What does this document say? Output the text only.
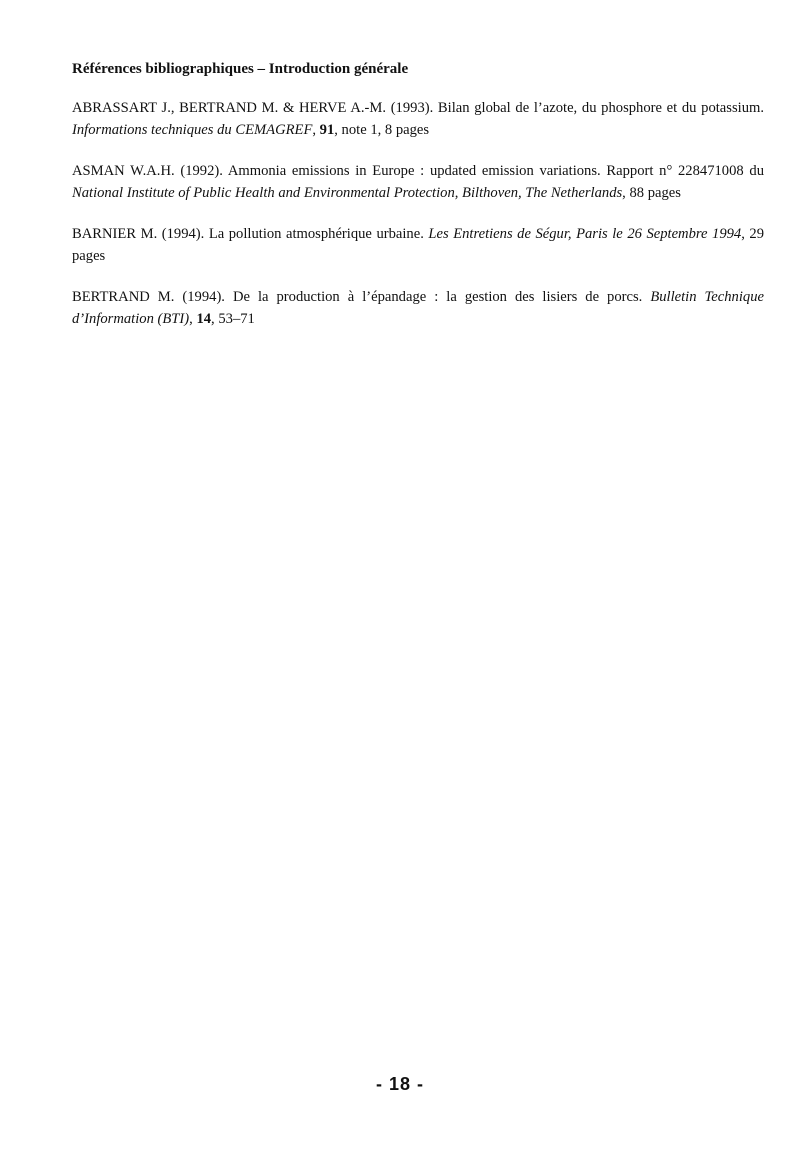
Références bibliographiques – Introduction générale

ABRASSART J., BERTRAND M. & HERVE A.-M. (1993). Bilan global de l’azote, du phosphore et du potassium. Informations techniques du CEMAGREF, 91, note 1, 8 pages

ASMAN W.A.H. (1992). Ammonia emissions in Europe : updated emission variations. Rapport n° 228471008 du National Institute of Public Health and Environmental Protection, Bilthoven, The Netherlands, 88 pages

BARNIER M. (1994). La pollution atmosphérique urbaine. Les Entretiens de Ségur, Paris le 26 Septembre 1994, 29 pages

BERTRAND M. (1994). De la production à l’épandage : la gestion des lisiers de porcs. Bulletin Technique d’Information (BTI), 14, 53–71

- 18 -
